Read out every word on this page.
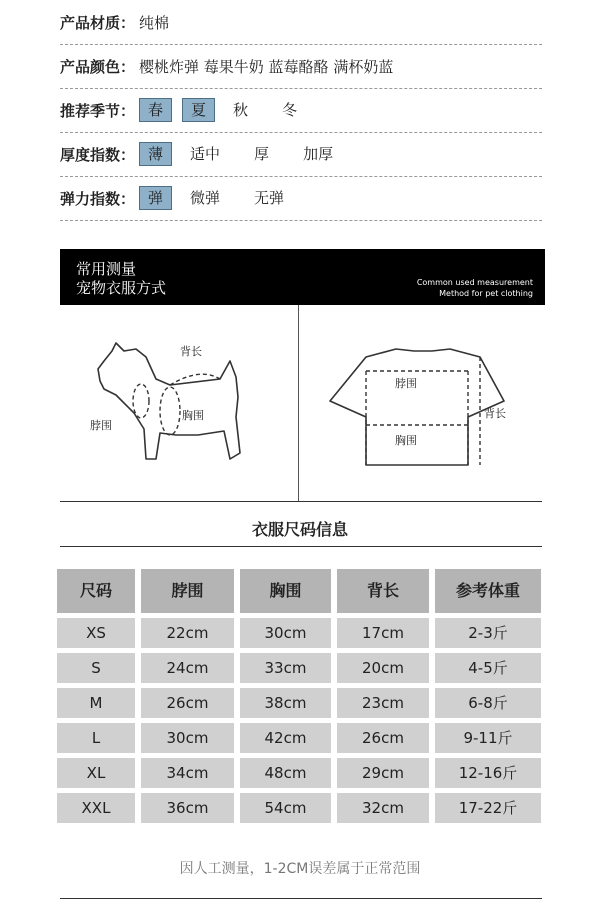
产品材质： 纯棉
产品颜色： 樱桃炸弹 莓果牛奶 蓝莓酪酪 满杯奶蓝
推荐季节： 春	夏	秋	冬
厚度指数： 薄	适中	厚	加厚
弹力指数： 弹	微弹	无弹
常用测量
宠物衣服方式	Common used measurement
Method for pet clothing
背长
脖围
胸围
脖围
胸围
背长
衣服尺码信息
尺码	脖围	胸围	背长	参考体重
XS	22cm	30cm	17cm	2-3斤
S	24cm	33cm	20cm	4-5斤
M	26cm	38cm	23cm	6-8斤
L	30cm	42cm	26cm	9-11斤
XL	34cm	48cm	29cm	12-16斤
XXL	36cm	54cm	32cm	17-22斤
因人工测量，1-2CM误差属于正常范围
